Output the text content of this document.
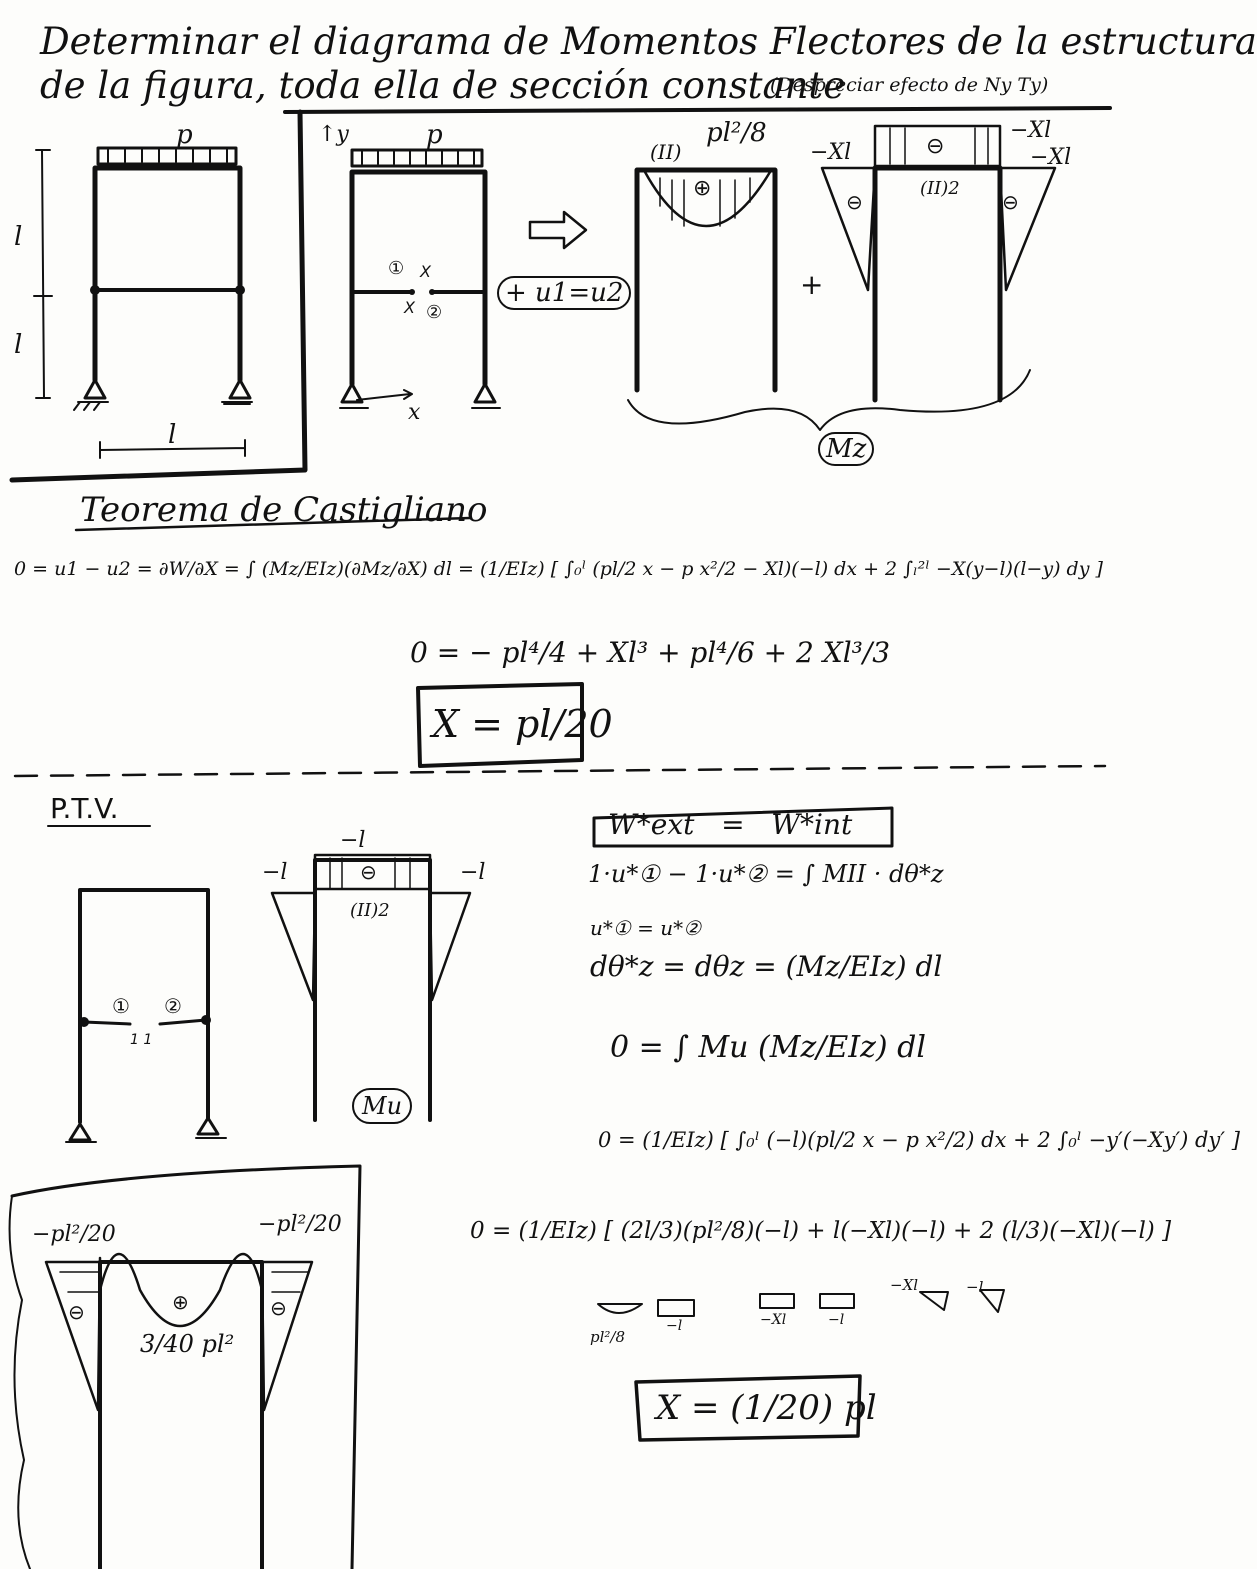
Determinar el diagrama de Momentos Flectores de la estructura
de la figura, toda ella de sección constante
(Despreciar efecto de Ny Ty)
p
l
l
l
↑y	p
① X
X ②
x
+ u1=u2
(II)
pl²/8
⊕
−Xl
−Xl
−Xl
⊖
⊖	⊖
(II)2
+
Mz
Teorema de Castigliano
0 = u1 − u2 = ∂W/∂X = ∫ (Mz/EIz)(∂Mz/∂X) dl = (1/EIz) [ ∫₀ˡ (pl/2 x − p x²/2 − Xl)(−l) dx + 2 ∫ₗ²ˡ −X(y−l)(l−y) dy ]
0 = − pl⁴/4 + Xl³ + pl⁴/6 + 2 Xl³/3
X = pl/20
P.T.V.
−l
−l	−l
⊖
(II)2
① ②
1 1
Mu
W*ext   =   W*int
1·u*① − 1·u*② = ∫ MII · dθ*z
u*① = u*②
dθ*z = dθz = (Mz/EIz) dl
0 = ∫ Mu (Mz/EIz) dl
0 = (1/EIz) [ ∫₀ˡ (−l)(pl/2 x − p x²/2) dx + 2 ∫₀ˡ −y′(−Xy′) dy′ ]
0 = (1/EIz) [ (2l/3)(pl²/8)(−l) + l(−Xl)(−l) + 2 (l/3)(−Xl)(−l) ]
pl²/8
−l	−Xl	−l
−Xl	−l
X = (1/20) pl
−pl²/20	−pl²/20
3/40 pl²
⊕
⊖	⊖
